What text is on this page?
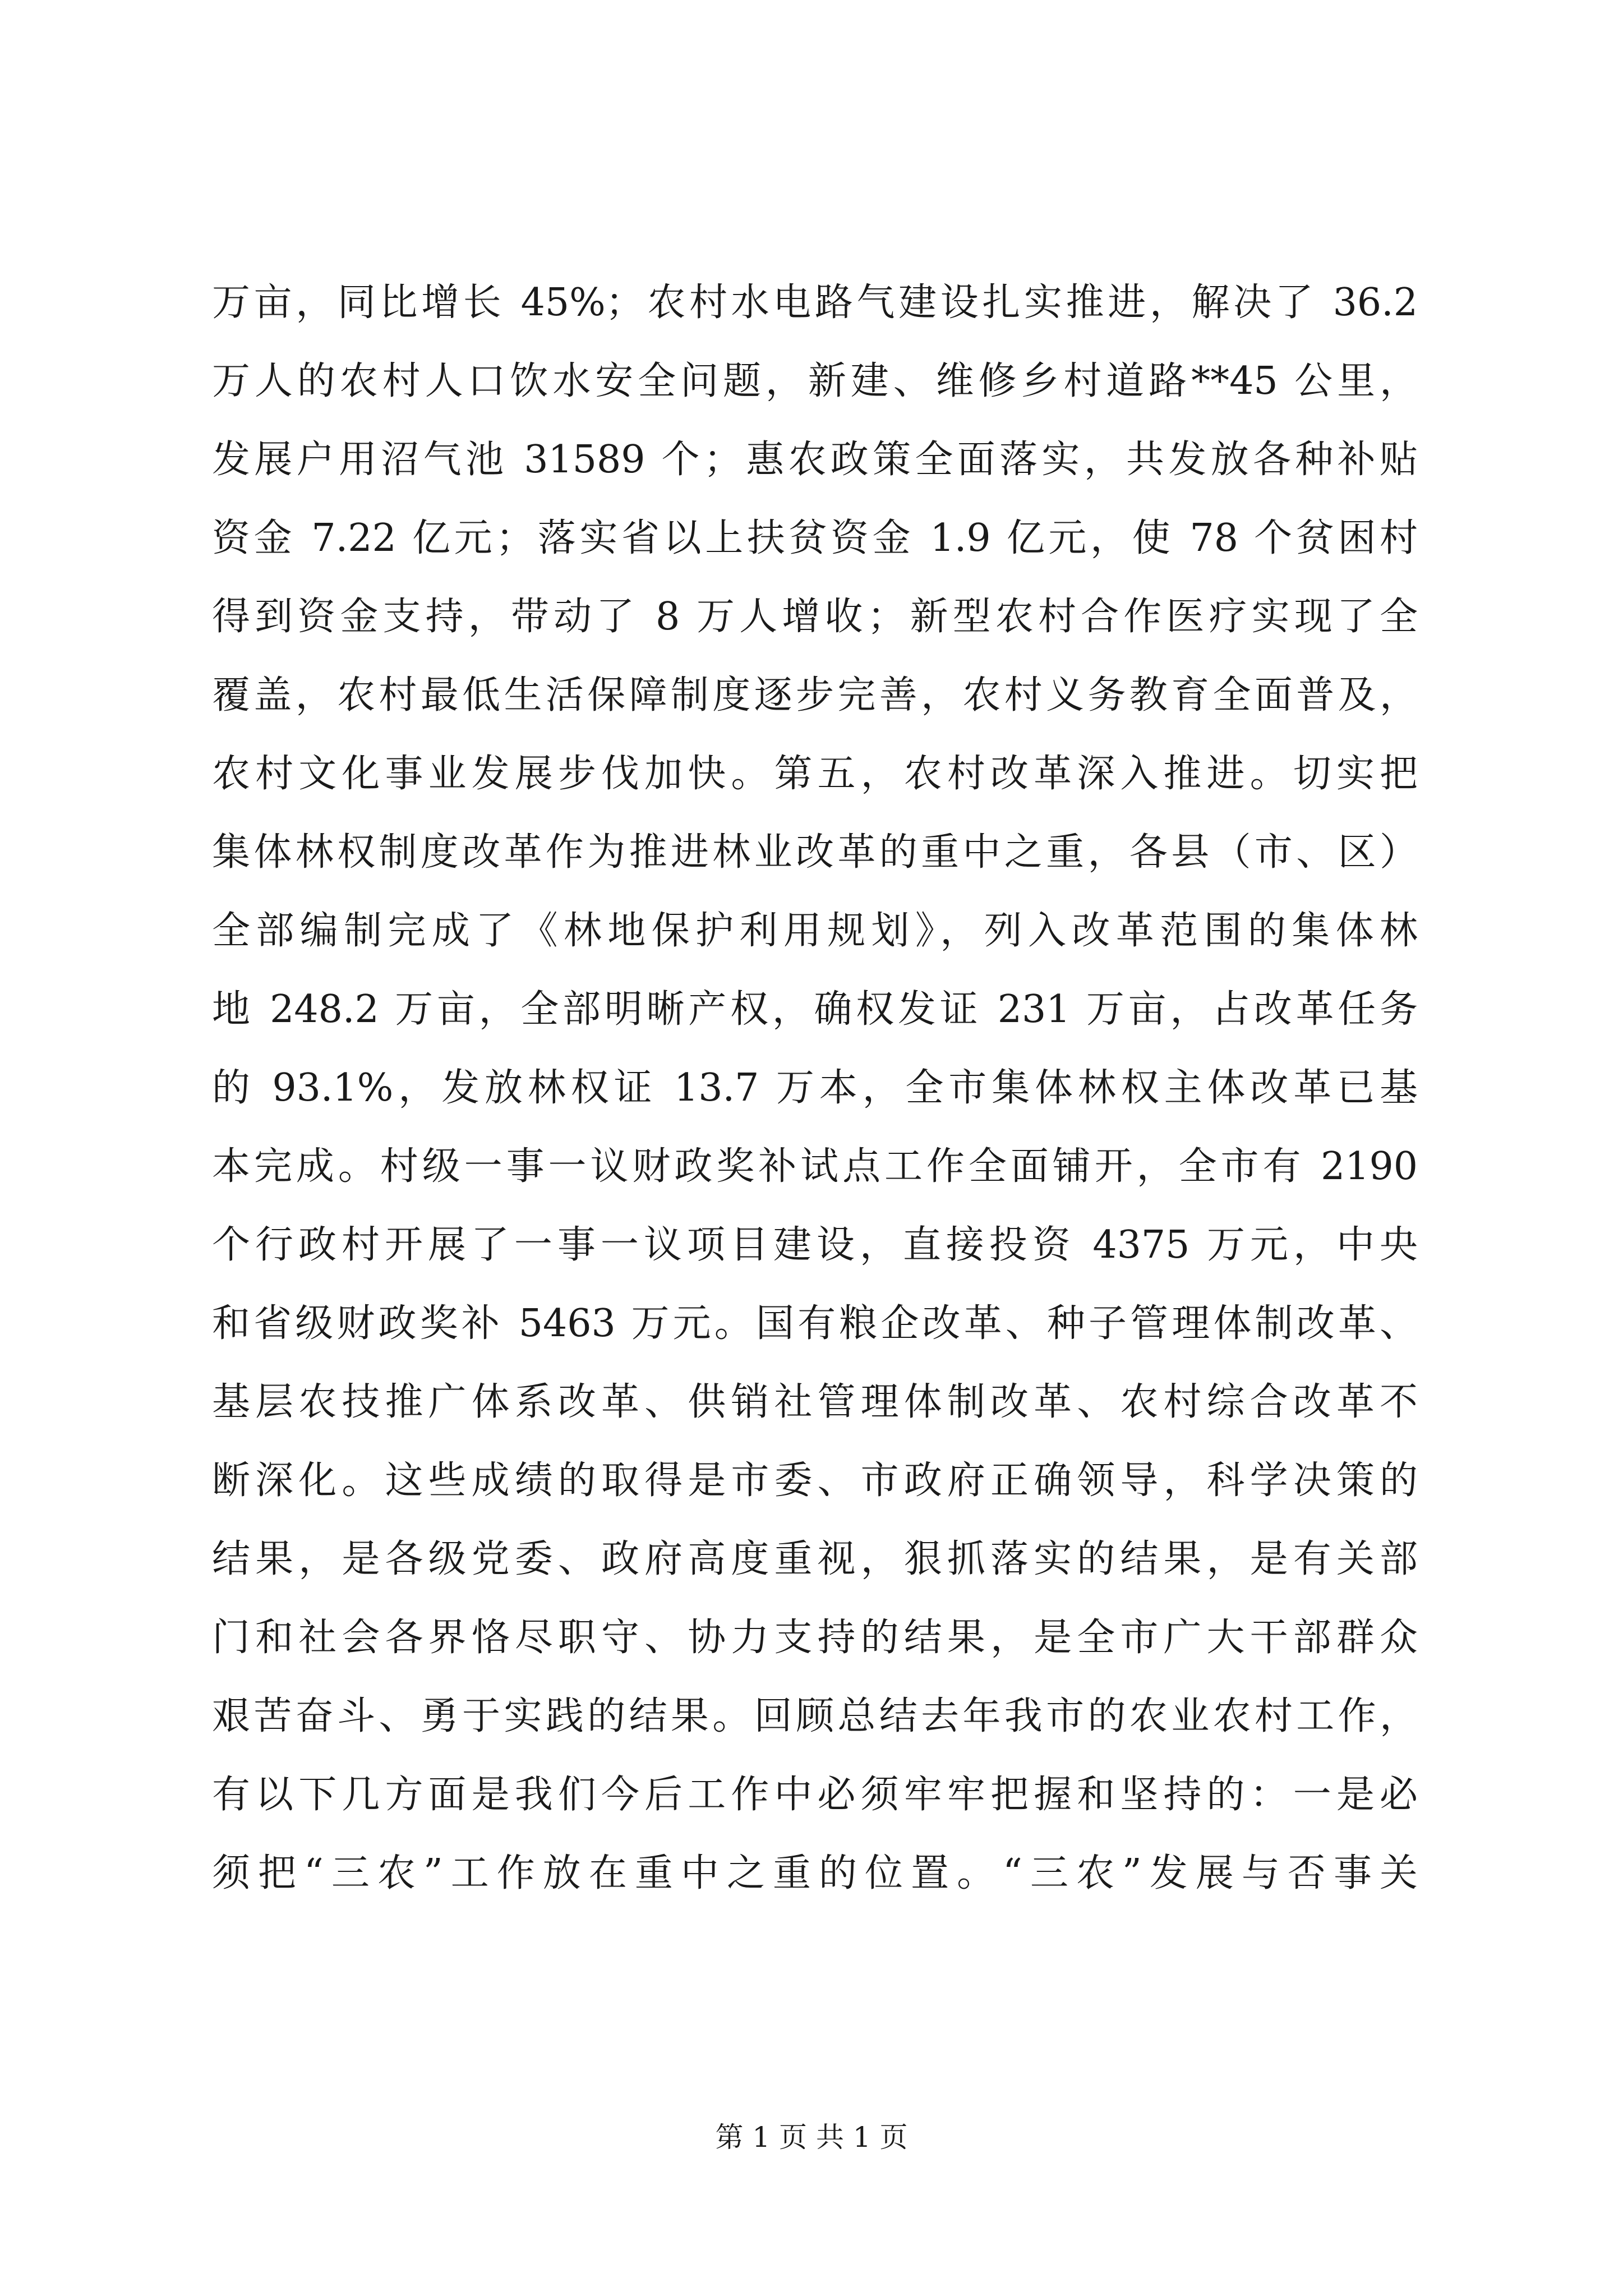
万亩，同比增长 45%；农村水电路气建设扎实推进，解决了 36.2
万人的农村人口饮水安全问题，新建、维修乡村道路**45 公里，
发展户用沼气池 31589 个；惠农政策全面落实，共发放各种补贴
资金 7.22 亿元；落实省以上扶贫资金 1.9 亿元，使 78 个贫困村
得到资金支持，带动了 8 万人增收；新型农村合作医疗实现了全
覆盖，农村最低生活保障制度逐步完善，农村义务教育全面普及，
农村文化事业发展步伐加快。第五，农村改革深入推进。切实把
集体林权制度改革作为推进林业改革的重中之重，各县（市、区）
全部编制完成了《林地保护利用规划》，列入改革范围的集体林
地 248.2 万亩，全部明晰产权，确权发证 231 万亩，占改革任务
的 93.1%，发放林权证 13.7 万本，全市集体林权主体改革已基
本完成。村级一事一议财政奖补试点工作全面铺开，全市有 2190
个行政村开展了一事一议项目建设，直接投资 4375 万元，中央
和省级财政奖补 5463 万元。国有粮企改革、种子管理体制改革、
基层农技推广体系改革、供销社管理体制改革、农村综合改革不
断深化。这些成绩的取得是市委、市政府正确领导，科学决策的
结果，是各级党委、政府高度重视，狠抓落实的结果，是有关部
门和社会各界恪尽职守、协力支持的结果，是全市广大干部群众
艰苦奋斗、勇于实践的结果。回顾总结去年我市的农业农村工作，
有以下几方面是我们今后工作中必须牢牢把握和坚持的：一是必
须把“三农”工作放在重中之重的位置。“三农”发展与否事关
第 1 页 共 1 页
